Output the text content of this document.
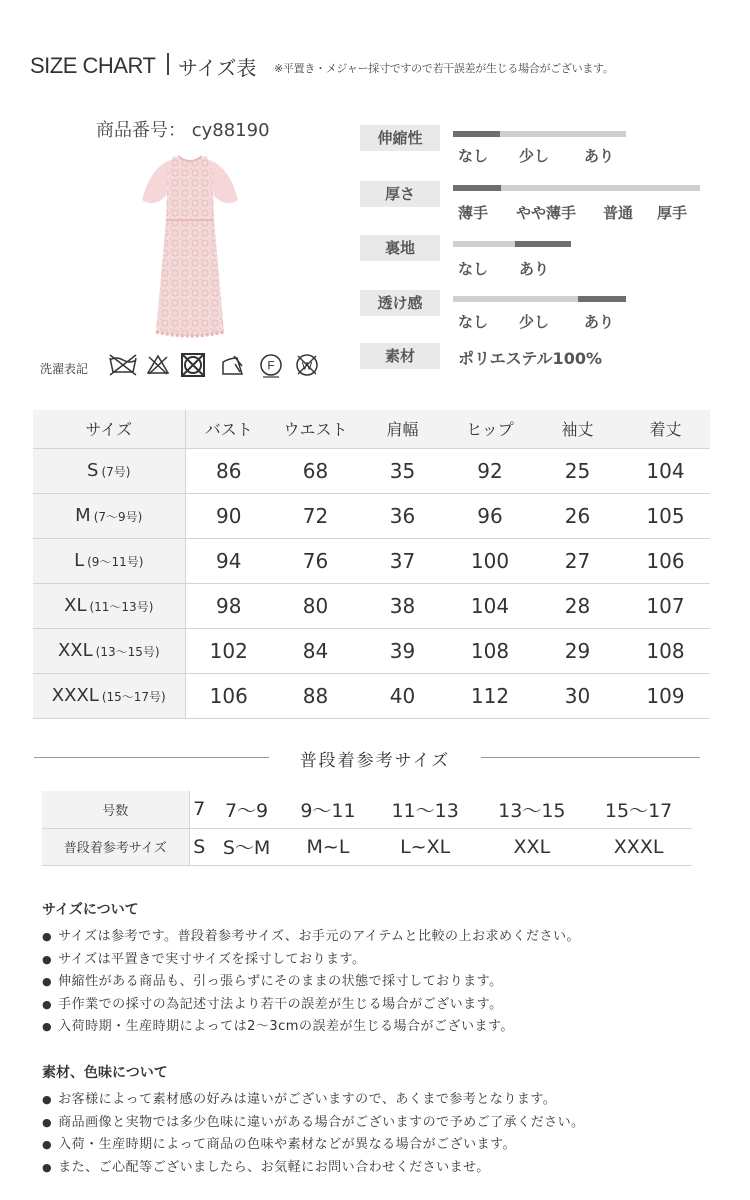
SIZE CHART サイズ表 ※平置き・メジャー採寸ですので若干誤差が生じる場合がございます。
商品番号： cy88190
洗濯表記	F W
伸縮性
なし 少し あり
厚さ
薄手 やや薄手 普通 厚手
裏地
なし あり
透け感
なし 少し あり
素材	ポリエステル100%
サイズ	バスト	ウエスト	肩幅	ヒップ	袖丈	着丈
S (7号)	86	68	35	92	25	104
M (7〜9号)	90	72	36	96	26	105
L (9〜11号)	94	76	37	100	27	106
XL (11〜13号)	98	80	38	104	28	107
XXL (13〜15号)	102	84	39	108	29	108
XXXL (15〜17号)	106	88	40	112	30	109
普段着参考サイズ
号数	7	7〜9	9〜11	11〜13	13〜15	15〜17
普段着参考サイズ	S	S〜M	M~L	L~XL	XXL	XXXL
サイズについて
● サイズは参考です。普段着参考サイズ、お手元のアイテムと比較の上お求めください。
● サイズは平置きで実寸サイズを採寸しております。
● 伸縮性がある商品も、引っ張らずにそのままの状態で採寸しております。
● 手作業での採寸の為記述寸法より若干の誤差が生じる場合がございます。
● 入荷時期・生産時期によっては2〜3cmの誤差が生じる場合がございます。
素材、色味について
● お客様によって素材感の好みは違いがございますので、あくまで参考となります。
● 商品画像と実物では多少色味に違いがある場合がございますので予めご了承ください。
● 入荷・生産時期によって商品の色味や素材などが異なる場合がございます。
● また、ご心配等ございましたら、お気軽にお問い合わせくださいませ。
